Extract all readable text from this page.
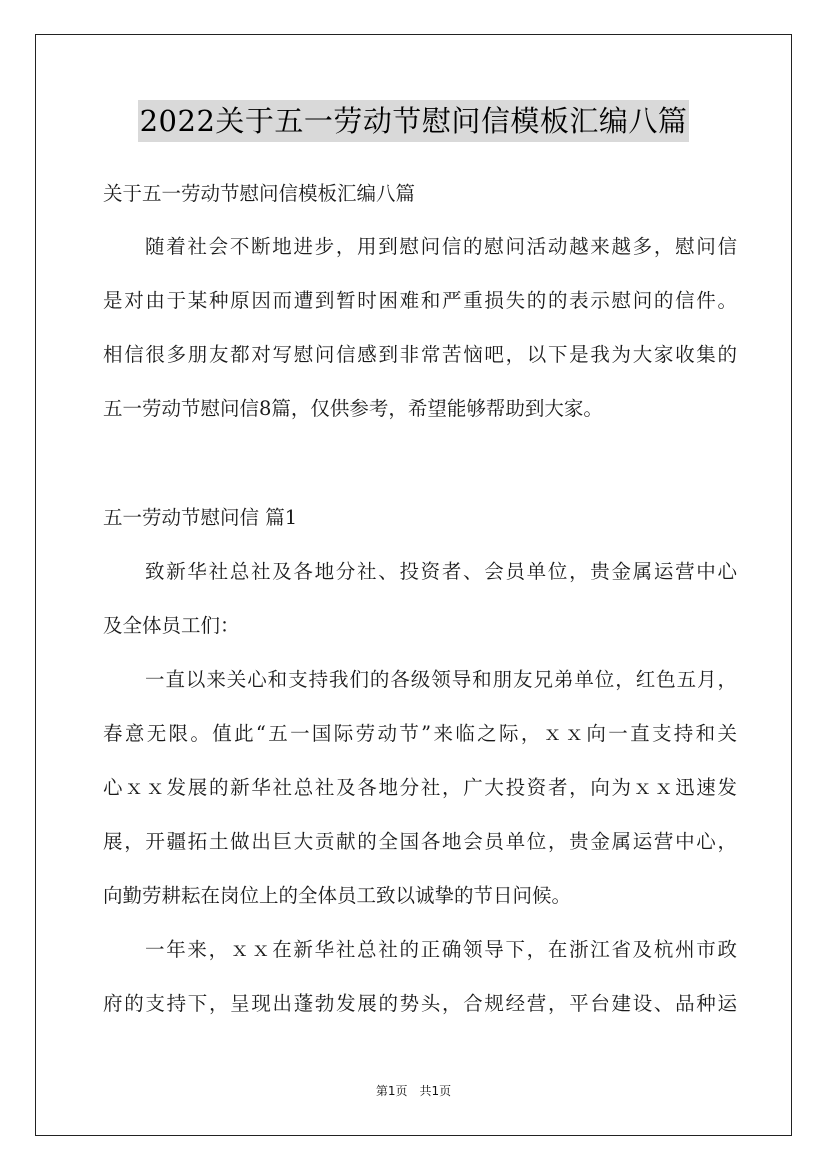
2022关于五一劳动节慰问信模板汇编八篇
关于五一劳动节慰问信模板汇编八篇
随着社会不断地进步，用到慰问信的慰问活动越来越多，慰问信
是对由于某种原因而遭到暂时困难和严重损失的的表示慰问的信件。
相信很多朋友都对写慰问信感到非常苦恼吧，以下是我为大家收集的
五一劳动节慰问信8篇，仅供参考，希望能够帮助到大家。
五一劳动节慰问信 篇1
致新华社总社及各地分社、投资者、会员单位，贵金属运营中心
及全体员工们：
一直以来关心和支持我们的各级领导和朋友兄弟单位，红色五月，
春意无限。值此“五一国际劳动节”来临之际，ｘｘ向一直支持和关
心ｘｘ发展的新华社总社及各地分社，广大投资者，向为ｘｘ迅速发
展，开疆拓土做出巨大贡献的全国各地会员单位，贵金属运营中心，
向勤劳耕耘在岗位上的全体员工致以诚挚的节日问候。
一年来，ｘｘ在新华社总社的正确领导下，在浙江省及杭州市政
府的支持下，呈现出蓬勃发展的势头，合规经营，平台建设、品种运
第1页　共1页
